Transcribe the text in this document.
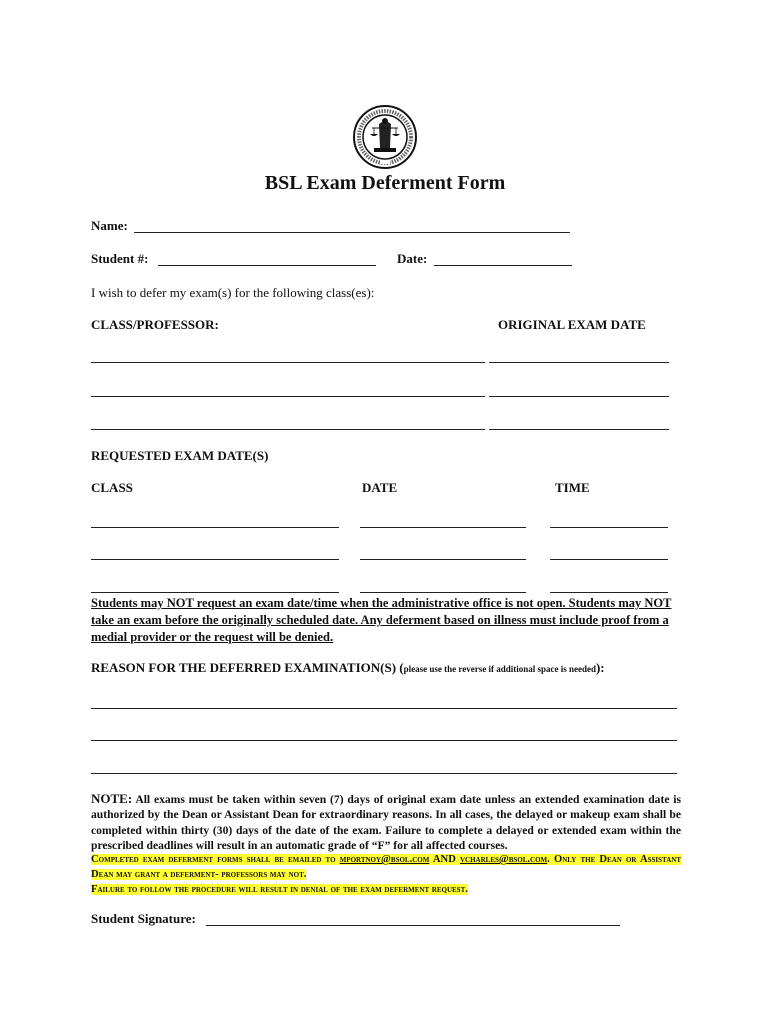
BSL Exam Deferment Form
Name:
Student #:	Date:
I wish to defer my exam(s) for the following class(es):
CLASS/PROFESSOR:	ORIGINAL EXAM DATE
REQUESTED EXAM DATE(S)
CLASS	DATE	TIME
Students may NOT request an exam date/time when the administrative office is not open. Students may NOT take an exam before the originally scheduled date. Any deferment based on illness must include proof from a medial provider or the request will be denied.
REASON FOR THE DEFERRED EXAMINATION(S) (please use the reverse if additional space is needed):
NOTE: All exams must be taken within seven (7) days of original exam date unless an extended examination date is authorized by the Dean or Assistant Dean for extraordinary reasons. In all cases, the delayed or makeup exam shall be completed within thirty (30) days of the date of the exam. Failure to complete a delayed or extended exam within the prescribed deadlines will result in an automatic grade of “F” for all affected courses.
Completed exam deferment forms shall be emailed to mportnoy@bsol.com AND vcharles@bsol.com. Only the Dean or Assistant Dean may grant a deferment- professors may not.
Failure to follow the procedure will result in denial of the exam deferment request.
Student Signature:
